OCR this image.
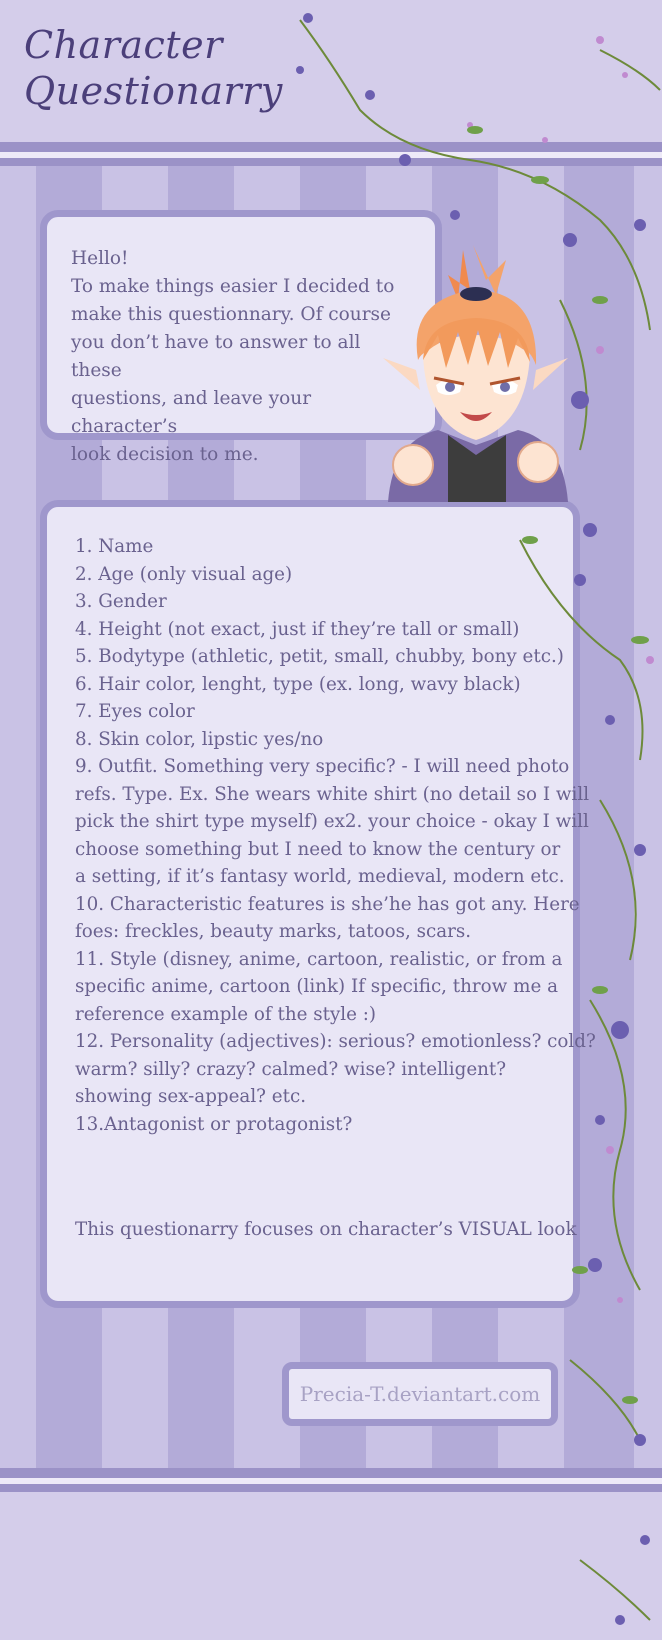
Character
Questionarry

Hello!

To make things easier I decided to

make this questionnary. Of course

you don’t have to answer to all these

questions, and leave your character’s

look decision to me.

1. Name

2. Age (only visual age)

3. Gender

4. Height (not exact, just if they’re tall or small)

5. Bodytype (athletic, petit, small, chubby, bony etc.)

6. Hair color, lenght, type (ex. long, wavy black)

7. Eyes color

8. Skin color, lipstic yes/no

9. Outfit. Something very specific? - I will need photo

refs. Type. Ex. She wears white shirt (no detail so I will

pick the shirt type myself) ex2. your choice - okay I will

choose something but I need to know the century or

a setting, if it’s fantasy world, medieval, modern etc.

10. Characteristic features is she’he has got any. Here

foes: freckles, beauty marks, tatoos, scars.

11. Style (disney, anime, cartoon, realistic, or from a

specific anime, cartoon (link) If specific, throw me a

reference example of the style :)

12. Personality (adjectives): serious? emotionless? cold?

warm? silly? crazy? calmed? wise? intelligent?

showing sex-appeal? etc.

13.Antagonist or protagonist?

This questionarry focuses on character’s VISUAL look

Precia-T.deviantart.com
